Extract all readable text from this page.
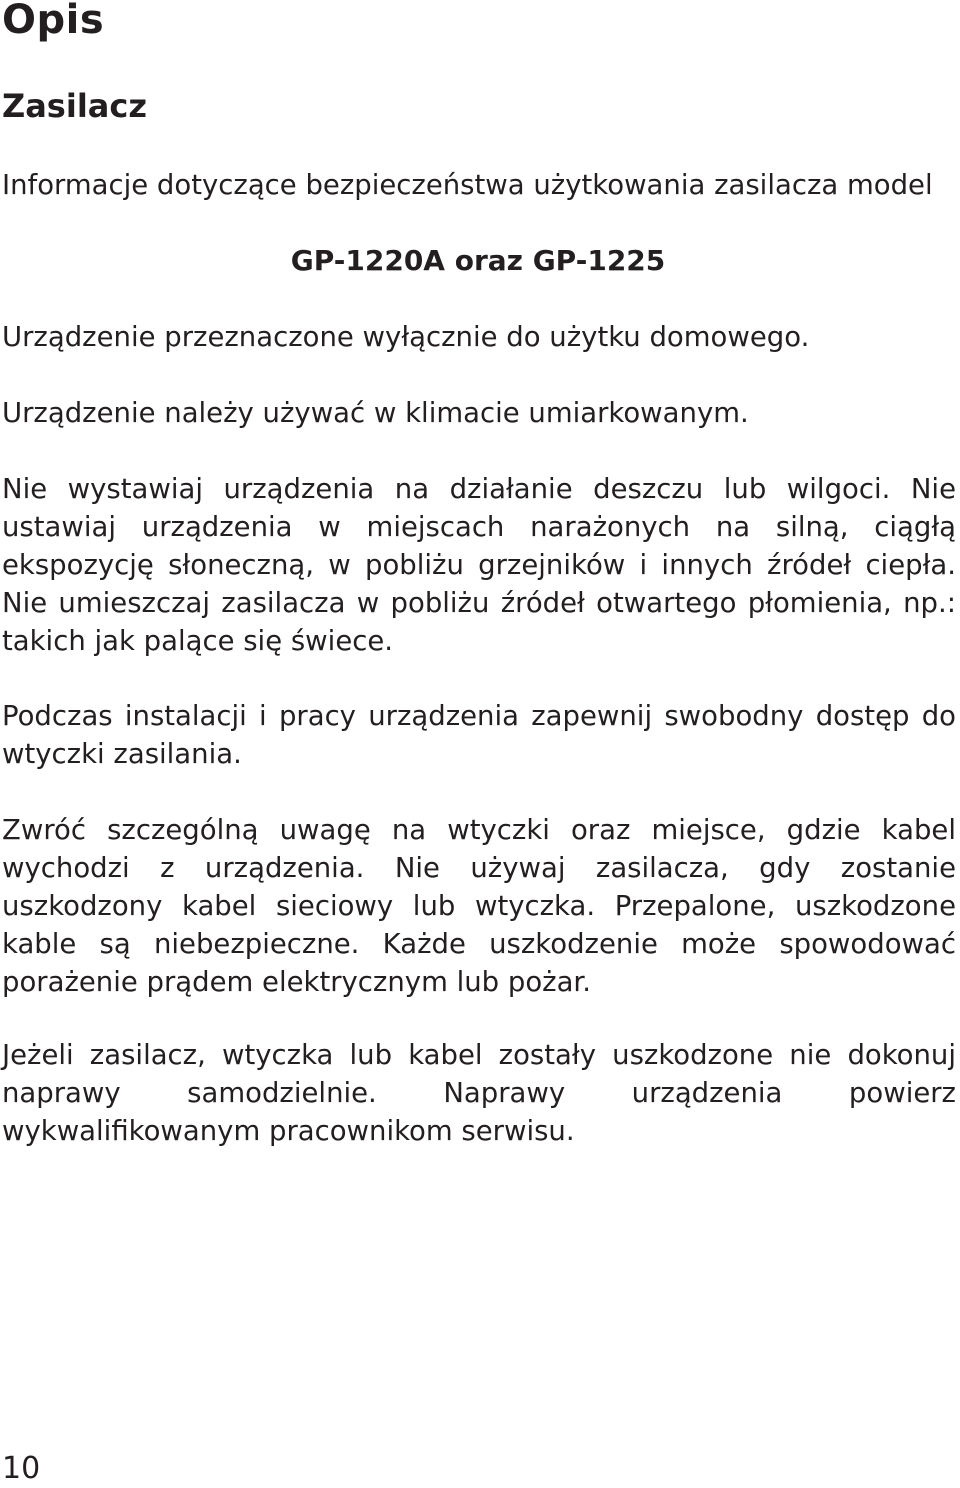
Opis
Zasilacz

Informacje dotyczące bezpieczeństwa użytkowania zasilacza model

GP-1220A oraz GP-1225

Urządzenie przeznaczone wyłącznie do użytku domowego.

Urządzenie należy używać w klimacie umiarkowanym.

Nie wystawiaj urządzenia na działanie deszczu lub wilgoci. Nie ustawiaj urządzenia w miejscach narażonych na silną, ciągłą ekspozycję słoneczną, w pobliżu grzejników i innych źródeł ciepła. Nie umieszczaj zasilacza w pobliżu źródeł otwartego płomienia, np.: takich jak palące się świece.

Podczas instalacji i pracy urządzenia zapewnij swobodny dostęp do wtyczki zasilania.

Zwróć szczególną uwagę na wtyczki oraz miejsce, gdzie kabel wychodzi z urządzenia. Nie używaj zasilacza, gdy zostanie uszkodzony kabel sieciowy lub wtyczka. Przepalone, uszkodzone kable są niebezpieczne. Każde uszkodzenie może spowodować porażenie prądem elektrycznym lub pożar.

Jeżeli zasilacz, wtyczka lub kabel zostały uszkodzone nie dokonuj naprawy samodzielnie. Naprawy urządzenia powierz wykwalifikowanym pracownikom serwisu.

10
